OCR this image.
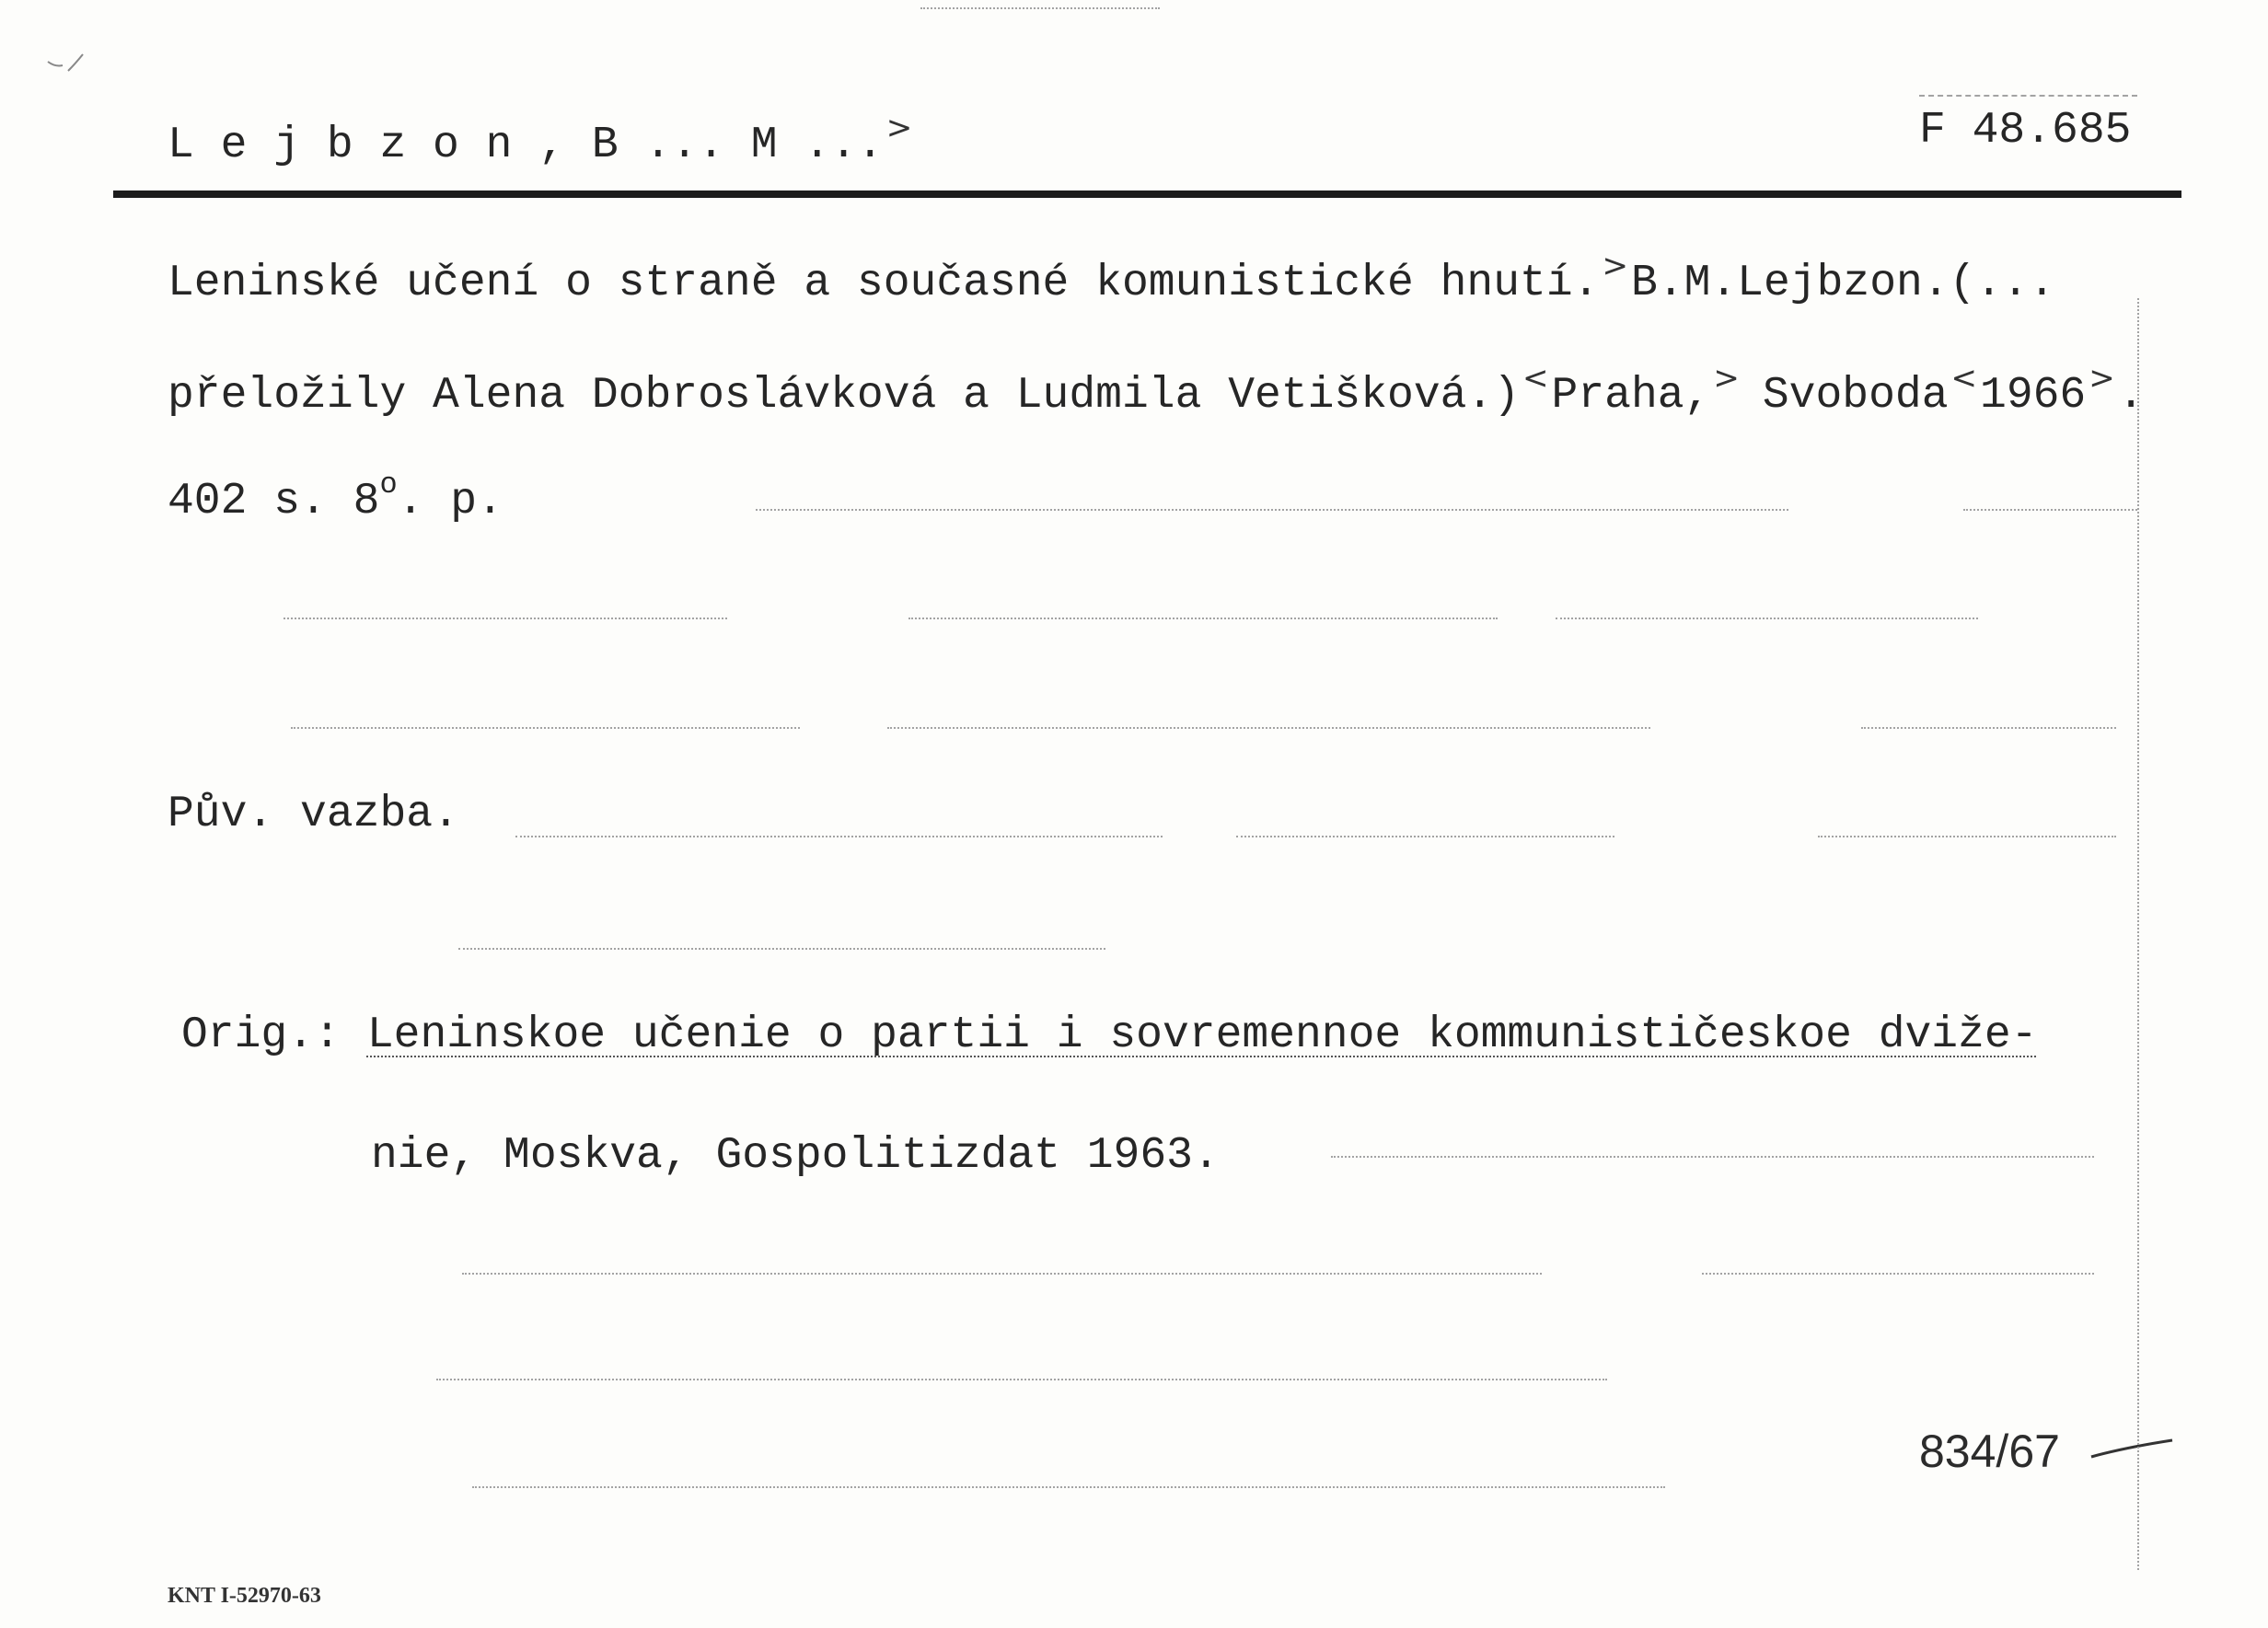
L e j b z o n , B ... M ...>	F 48.685
Leninské učení o straně a současné komunistické hnutí.>B.M.Lejbzon.(...
přeložily Alena Dobroslávková a Ludmila Vetišková.)<Praha,> Svoboda<1966>.
402 s. 8$^o$. p.
Pův. vazba.
Orig.: Leninskoe učenie o partii i sovremennoe kommunističeskoe dviže-
nie, Moskva, Gospolitizdat 1963.
834/67
KNT I-52970-63
